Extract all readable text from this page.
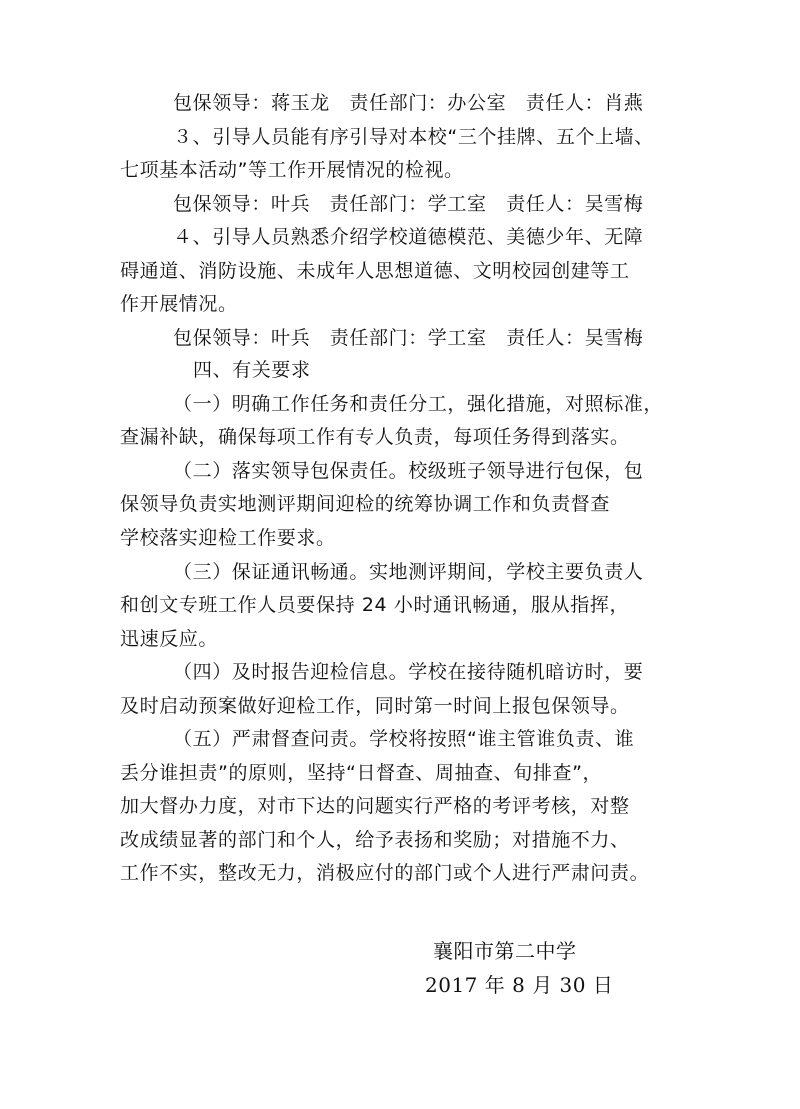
包保领导：蒋玉龙　责任部门：办公室　责任人：肖燕
３、引导人员能有序引导对本校“三个挂牌、五个上墙、
七项基本活动”等工作开展情况的检视。
包保领导：叶兵　责任部门：学工室　责任人：吴雪梅
４、引导人员熟悉介绍学校道德模范、美德少年、无障
碍通道、消防设施、未成年人思想道德、文明校园创建等工
作开展情况。
包保领导：叶兵　责任部门：学工室　责任人：吴雪梅
四、有关要求
（一）明确工作任务和责任分工，强化措施，对照标准，
查漏补缺，确保每项工作有专人负责，每项任务得到落实。
（二）落实领导包保责任。校级班子领导进行包保，包
保领导负责实地测评期间迎检的统筹协调工作和负责督查
学校落实迎检工作要求。
（三）保证通讯畅通。实地测评期间，学校主要负责人
和创文专班工作人员要保持 24 小时通讯畅通，服从指挥，
迅速反应。
（四）及时报告迎检信息。学校在接待随机暗访时，要
及时启动预案做好迎检工作，同时第一时间上报包保领导。
（五）严肃督查问责。学校将按照“谁主管谁负责、谁
丢分谁担责”的原则，坚持“日督查、周抽查、旬排查”，
加大督办力度，对市下达的问题实行严格的考评考核，对整
改成绩显著的部门和个人，给予表扬和奖励；对措施不力、
工作不实，整改无力，消极应付的部门或个人进行严肃问责。
襄阳市第二中学
2017 年 8 月 30 日
